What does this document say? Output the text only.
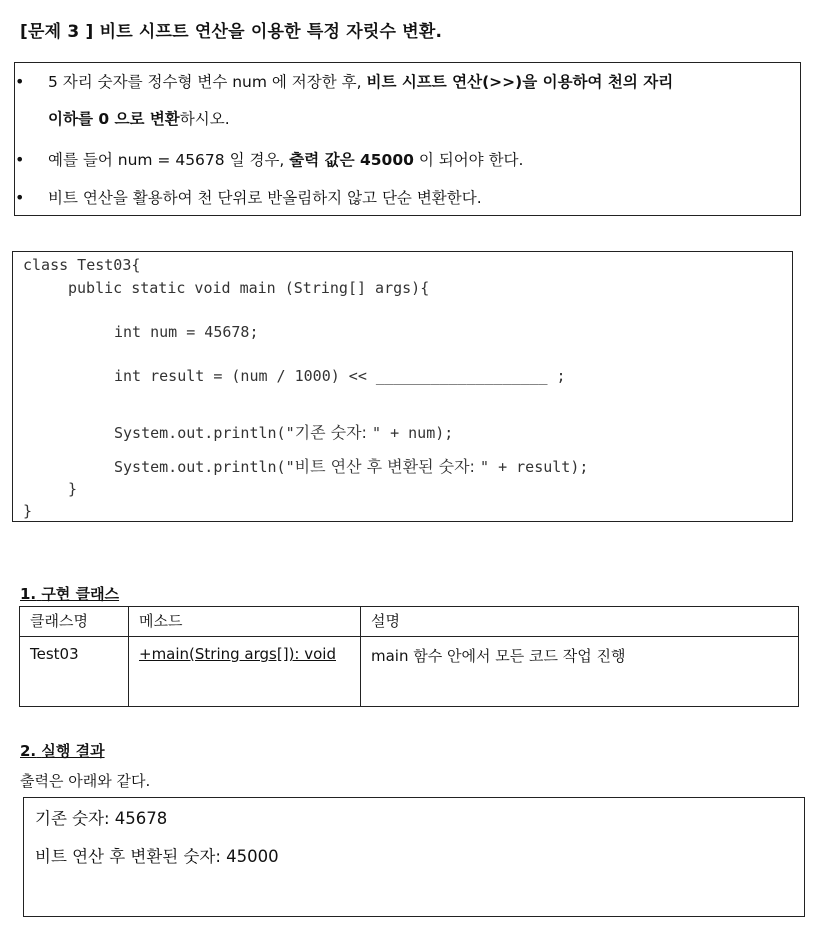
[문제 3 ] 비트 시프트 연산을 이용한 특정 자릿수 변환.
• 5 자리 숫자를 정수형 변수 num 에 저장한 후, 비트 시프트 연산(>>)을 이용하여 천의 자리
이하를 0 으로 변환하시오.
• 예를 들어 num = 45678 일 경우, 출력 값은 45000 이 되어야 한다.
• 비트 연산을 활용하여 천 단위로 반올림하지 않고 단순 변환한다.
class Test03{
public static void main (String[] args){
int num = 45678;
int result = (num / 1000) << ___________________ ;
System.out.println("기존 숫자: " + num);
System.out.println("비트 연산 후 변환된 숫자: " + result);
}
}
1. 구현 클래스
클래스명	메소드	설명
Test03	+main(String args[]): void	main 함수 안에서 모든 코드 작업 진행
2. 실행 결과
출력은 아래와 같다.
기존 숫자: 45678
비트 연산 후 변환된 숫자: 45000
